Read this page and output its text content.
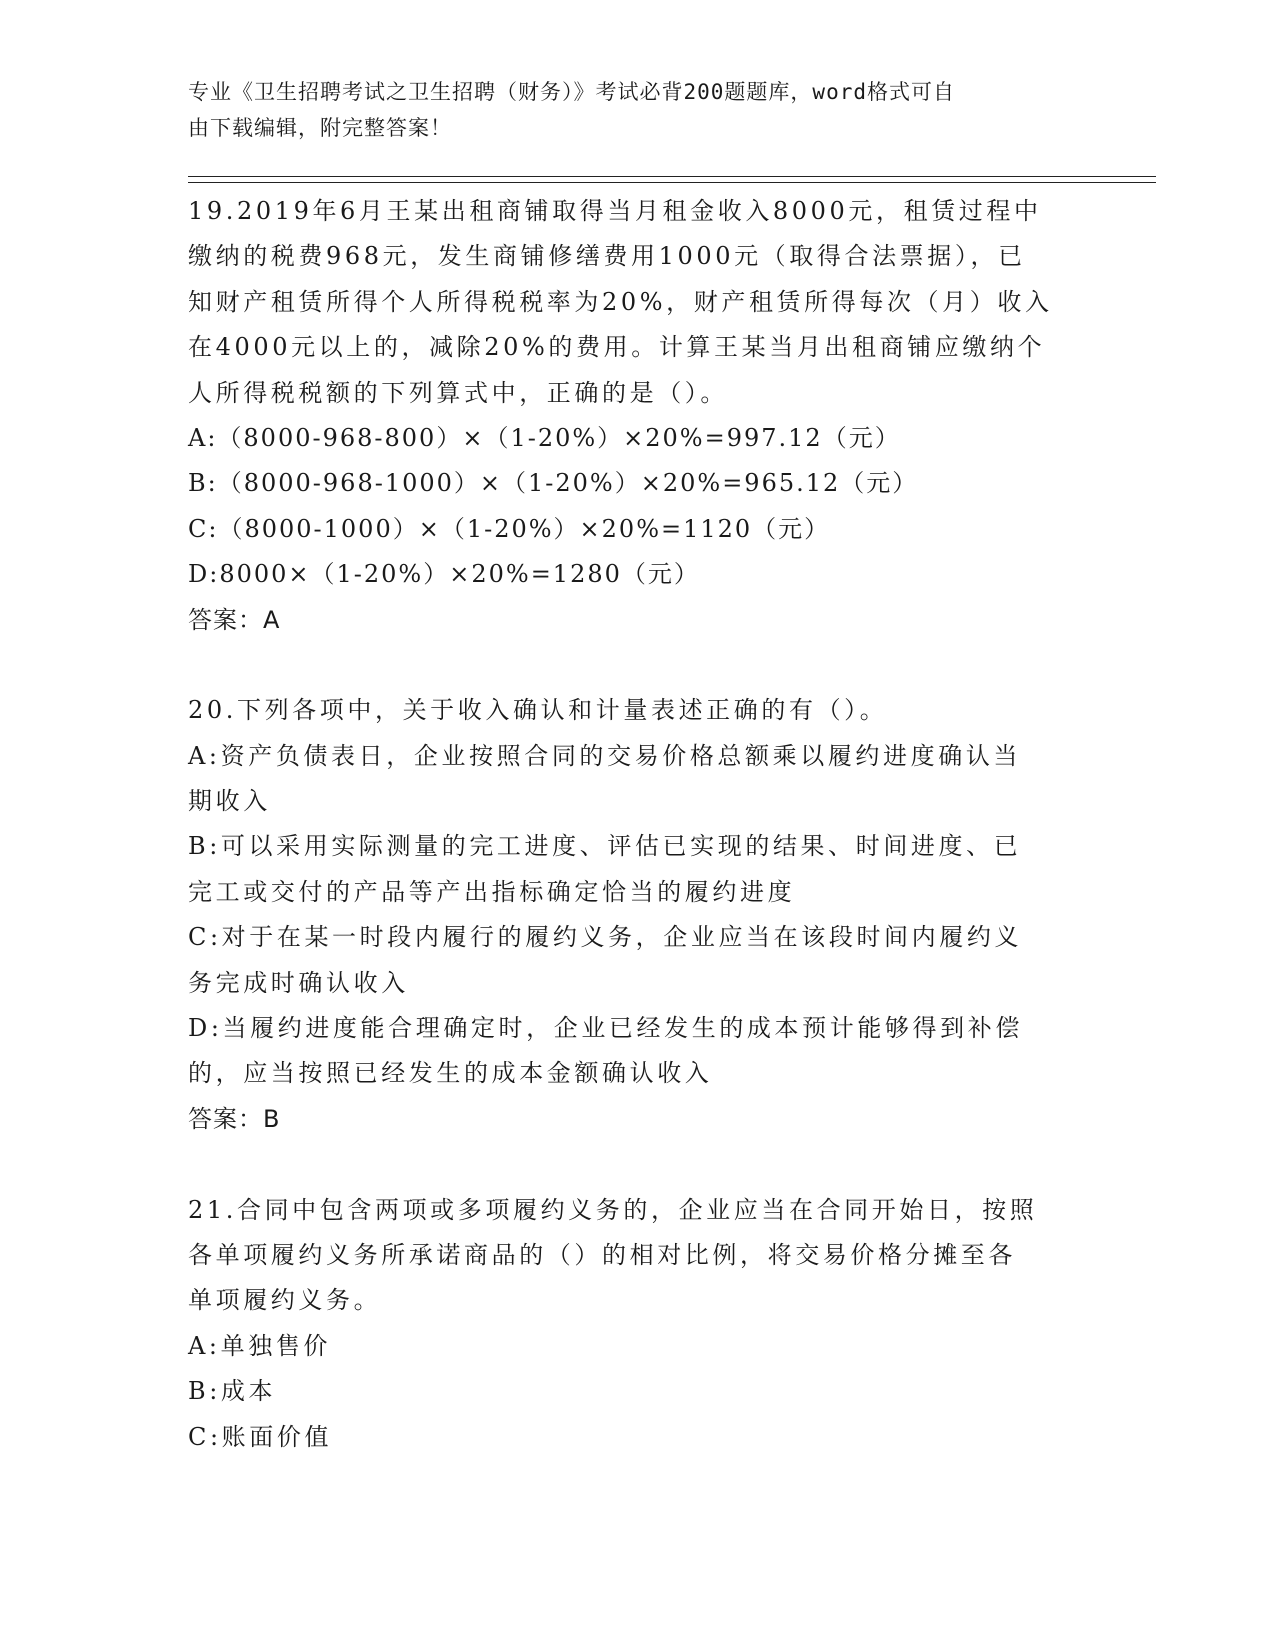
专业《卫生招聘考试之卫生招聘（财务）》考试必背200题题库，word格式可自
由下载编辑，附完整答案！
19.2019年6月王某出租商铺取得当月租金收入8000元，租赁过程中
缴纳的税费968元，发生商铺修缮费用1000元（取得合法票据），已
知财产租赁所得个人所得税税率为20%，财产租赁所得每次（月）收入
在4000元以上的，减除20%的费用。计算王某当月出租商铺应缴纳个
人所得税税额的下列算式中，正确的是（）。
A:（8000-968-800）×（1-20%）×20%=997.12（元）
B:（8000-968-1000）×（1-20%）×20%=965.12（元）
C:（8000-1000）×（1-20%）×20%=1120（元）
D:8000×（1-20%）×20%=1280（元）
答案：A
20.下列各项中，关于收入确认和计量表述正确的有（）。
A:资产负债表日，企业按照合同的交易价格总额乘以履约进度确认当
期收入
B:可以采用实际测量的完工进度、评估已实现的结果、时间进度、已
完工或交付的产品等产出指标确定恰当的履约进度
C:对于在某一时段内履行的履约义务，企业应当在该段时间内履约义
务完成时确认收入
D:当履约进度能合理确定时，企业已经发生的成本预计能够得到补偿
的，应当按照已经发生的成本金额确认收入
答案：B
21.合同中包含两项或多项履约义务的，企业应当在合同开始日，按照
各单项履约义务所承诺商品的（）的相对比例，将交易价格分摊至各
单项履约义务。
A:单独售价
B:成本
C:账面价值
